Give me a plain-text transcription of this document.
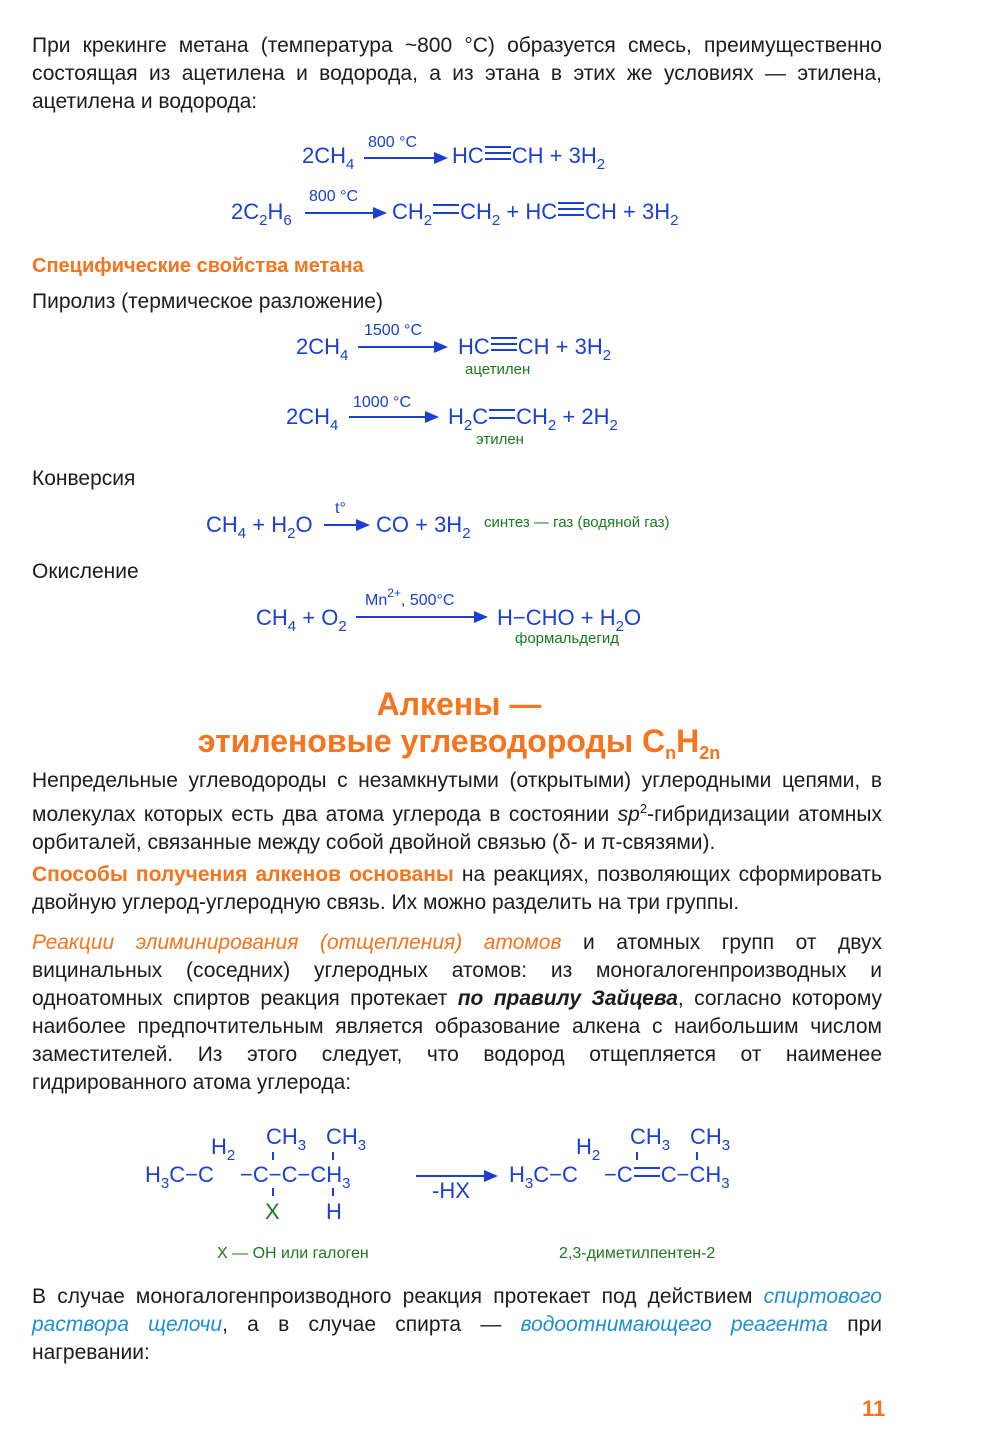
При крекинге метана (температура ~800 °С) образуется смесь, преимущественно состоящая из ацетилена и водорода, а из этана в этих же условиях — этилена, ацетилена и водорода:
$2CH_4$
800 °C
HC CH + $3H_2$
$2C_2H_6$
800 °C
$CH_2$ $CH_2$ + HC CH + $3H_2$
Специфические свойства метана
Пиролиз (термическое разложение)
$2CH_4$
1500 °C
HC CH + $3H_2$
ацетилен
$2CH_4$
1000 °C
$H_2C$ $CH_2 + 2H_2$
этилен
Конверсия
$CH_4 + H_2O$
t°
→ CO + $3H_2$
синтез — газ (водяной газ)
Окисление
$CH_4 + O_2$
$Mn^{2+}$, 500°C
$H-CHO + H_2O$
формальдегид
Алкены —
этиленовые углеводороды $C_nH_{2n}$
Непредельные углеводороды с незамкнутыми (открытыми) углеродными цепями, в молекулах которых есть два атома углерода в состоянии $sp^2$-гибридизации атомных орбиталей, связанные между собой двойной связью (δ- и π-связями).
Способы получения алкенов основаны на реакциях, позволяющих сформировать двойную углерод-углеродную связь. Их можно разделить на три группы.
Реакции элиминирования (отщепления) атомов и атомных групп от двух вицинальных (соседних) углеродных атомов: из моногалогенпроизводных и одноатомных спиртов реакция протекает по правилу Зайцева, согласно которому наиболее предпочтительным является образование алкена с наибольшим числом заместителей. Из этого следует, что водород отщепляется от наименее гидрированного атома углерода:
$H_3C-C$
$H_2$
$-C-C-CH_3$
$CH_3$ $CH_3$
X H
-HX
$H_3C-C$
$H_2$
−C $C-CH_3$
$CH_3$ $CH_3$
X — OH или галоген	2,3-диметилпентен-2
В случае моногалогенпроизводного реакция протекает под действием спиртового раствора щелочи, а в случае спирта — водоотнимающего реагента при нагревании:
11
